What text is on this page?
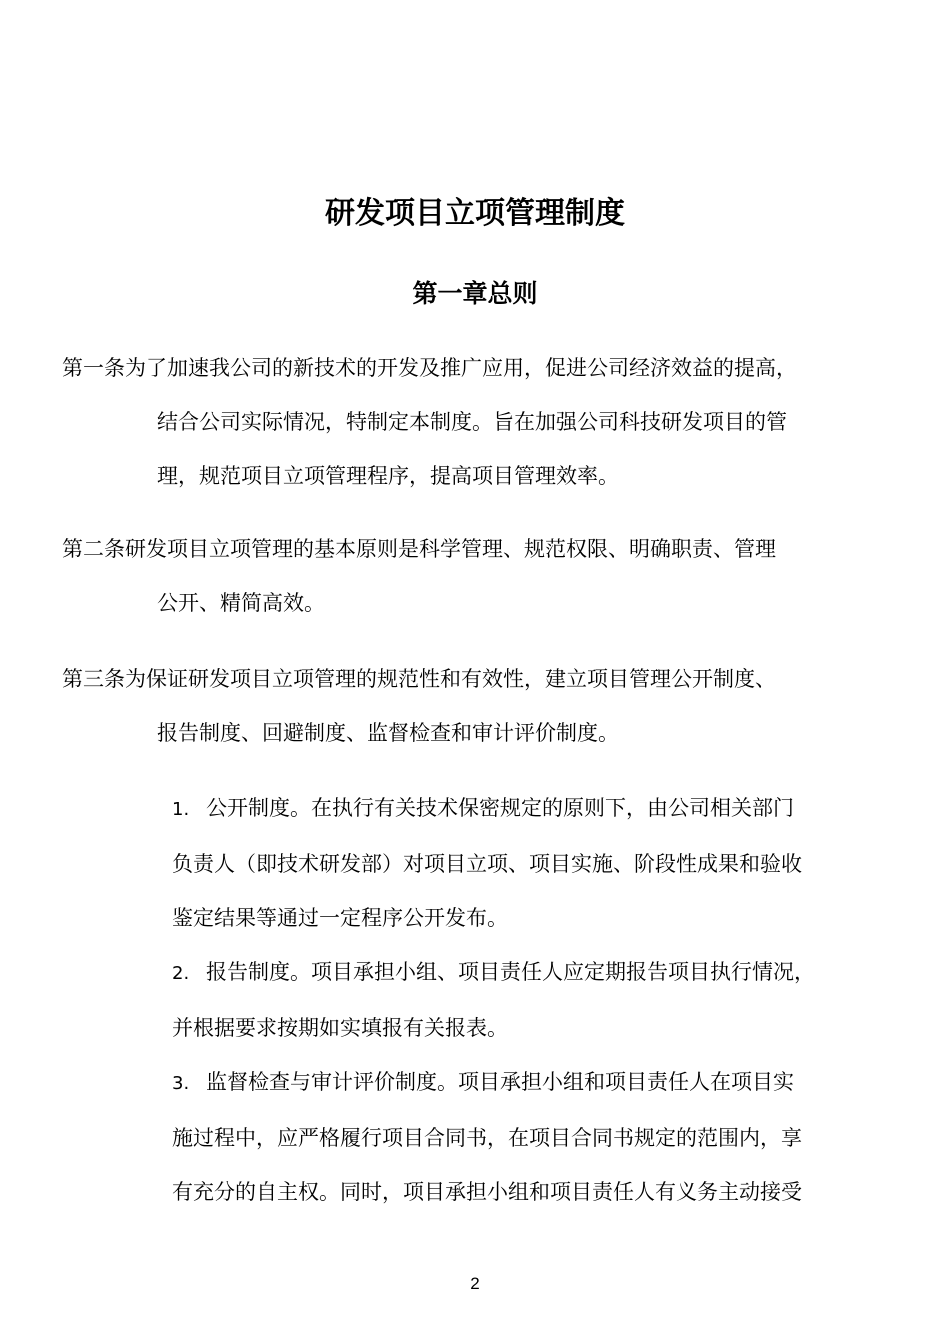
研发项目立项管理制度
第一章总则

第一条为了加速我公司的新技术的开发及推广应用，促进公司经济效益的提高，
结合公司实际情况，特制定本制度。旨在加强公司科技研发项目的管
理，规范项目立项管理程序，提高项目管理效率。

第二条研发项目立项管理的基本原则是科学管理、规范权限、明确职责、管理
公开、精简高效。

第三条为保证研发项目立项管理的规范性和有效性，建立项目管理公开制度、
报告制度、回避制度、监督检查和审计评价制度。

1. 公开制度。在执行有关技术保密规定的原则下，由公司相关部门
负责人（即技术研发部）对项目立项、项目实施、阶段性成果和验收
鉴定结果等通过一定程序公开发布。
2. 报告制度。项目承担小组、项目责任人应定期报告项目执行情况，
并根据要求按期如实填报有关报表。
3. 监督检查与审计评价制度。项目承担小组和项目责任人在项目实
施过程中，应严格履行项目合同书，在项目合同书规定的范围内，享
有充分的自主权。同时，项目承担小组和项目责任人有义务主动接受
2
